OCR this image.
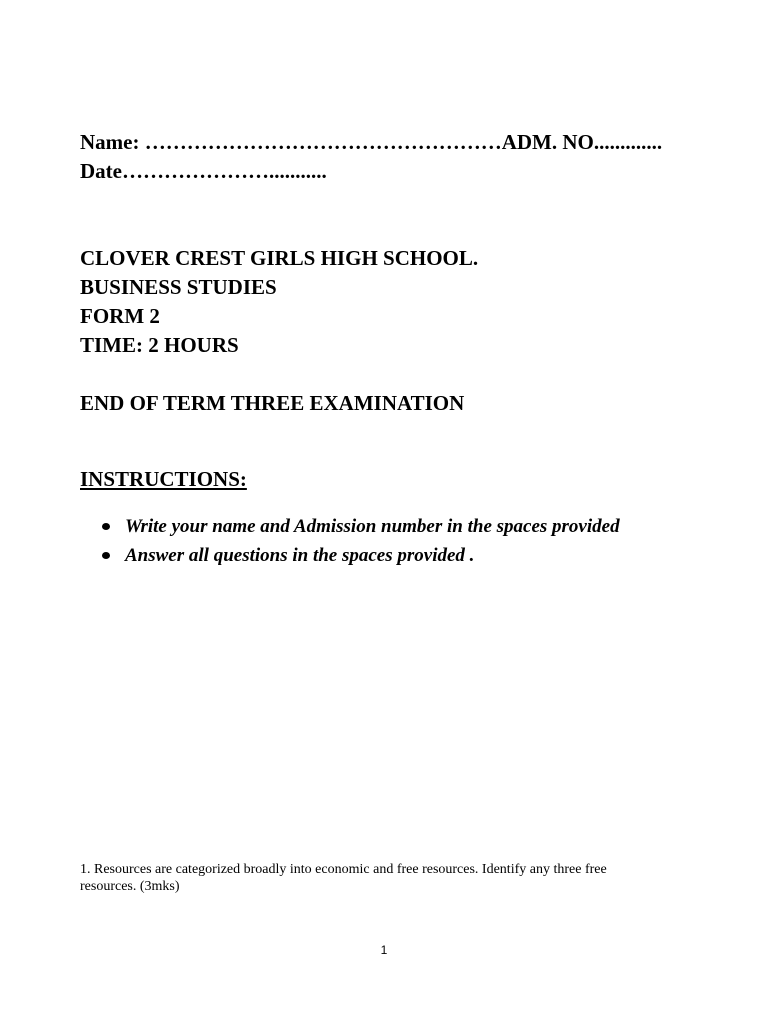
Name: ……………………………………………ADM. NO.............
Date…………………...........
CLOVER CREST GIRLS HIGH SCHOOL.
BUSINESS STUDIES
FORM 2
TIME: 2 HOURS
END OF TERM THREE EXAMINATION
INSTRUCTIONS:
Write your name and Admission number in the spaces provided
Answer all questions in the spaces provided .
1. Resources are categorized broadly into economic and free resources. Identify any three free resources. (3mks)
1
